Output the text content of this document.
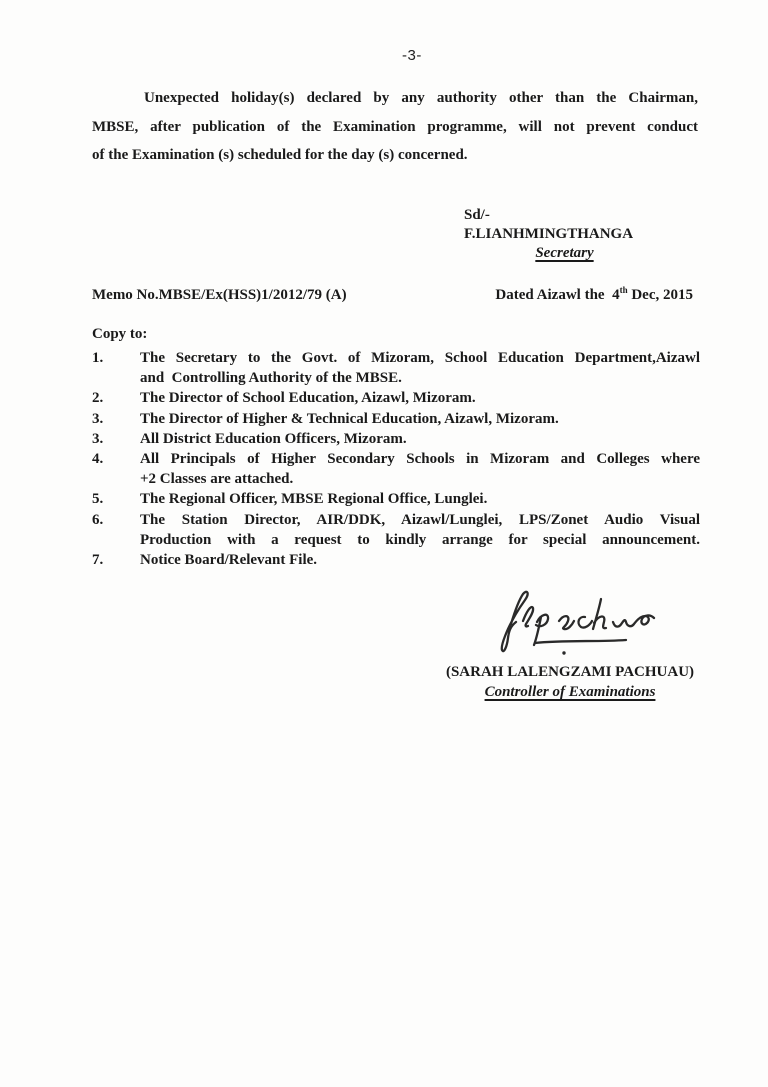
-3-
Unexpected holiday(s) declared by any authority other than the Chairman,
MBSE, after publication of the Examination programme, will not prevent conduct
of the Examination (s) scheduled for the day (s) concerned.
Sd/-F.LIANHMINGTHANGA
Secretary
Memo No.MBSE/Ex(HSS)1/2012/79 (A)	Dated Aizawl the  4th Dec, 2015
Copy to:
1.	The Secretary to the Govt. of Mizoram, School Education Department,Aizawl
and  Controlling Authority of the MBSE.
2.	The Director of School Education, Aizawl, Mizoram.
3.	The Director of Higher & Technical Education, Aizawl, Mizoram.
3.	All District Education Officers, Mizoram.
4.	All Principals of Higher Secondary Schools in Mizoram and Colleges where
+2 Classes are attached.
5.	The Regional Officer, MBSE Regional Office, Lunglei.
6.	The Station Director, AIR/DDK, Aizawl/Lunglei, LPS/Zonet Audio Visual
Production with a request to kindly arrange for special announcement.
7.	Notice Board/Relevant File.
(SARAH LALENGZAMI PACHUAU)
Controller of Examinations
